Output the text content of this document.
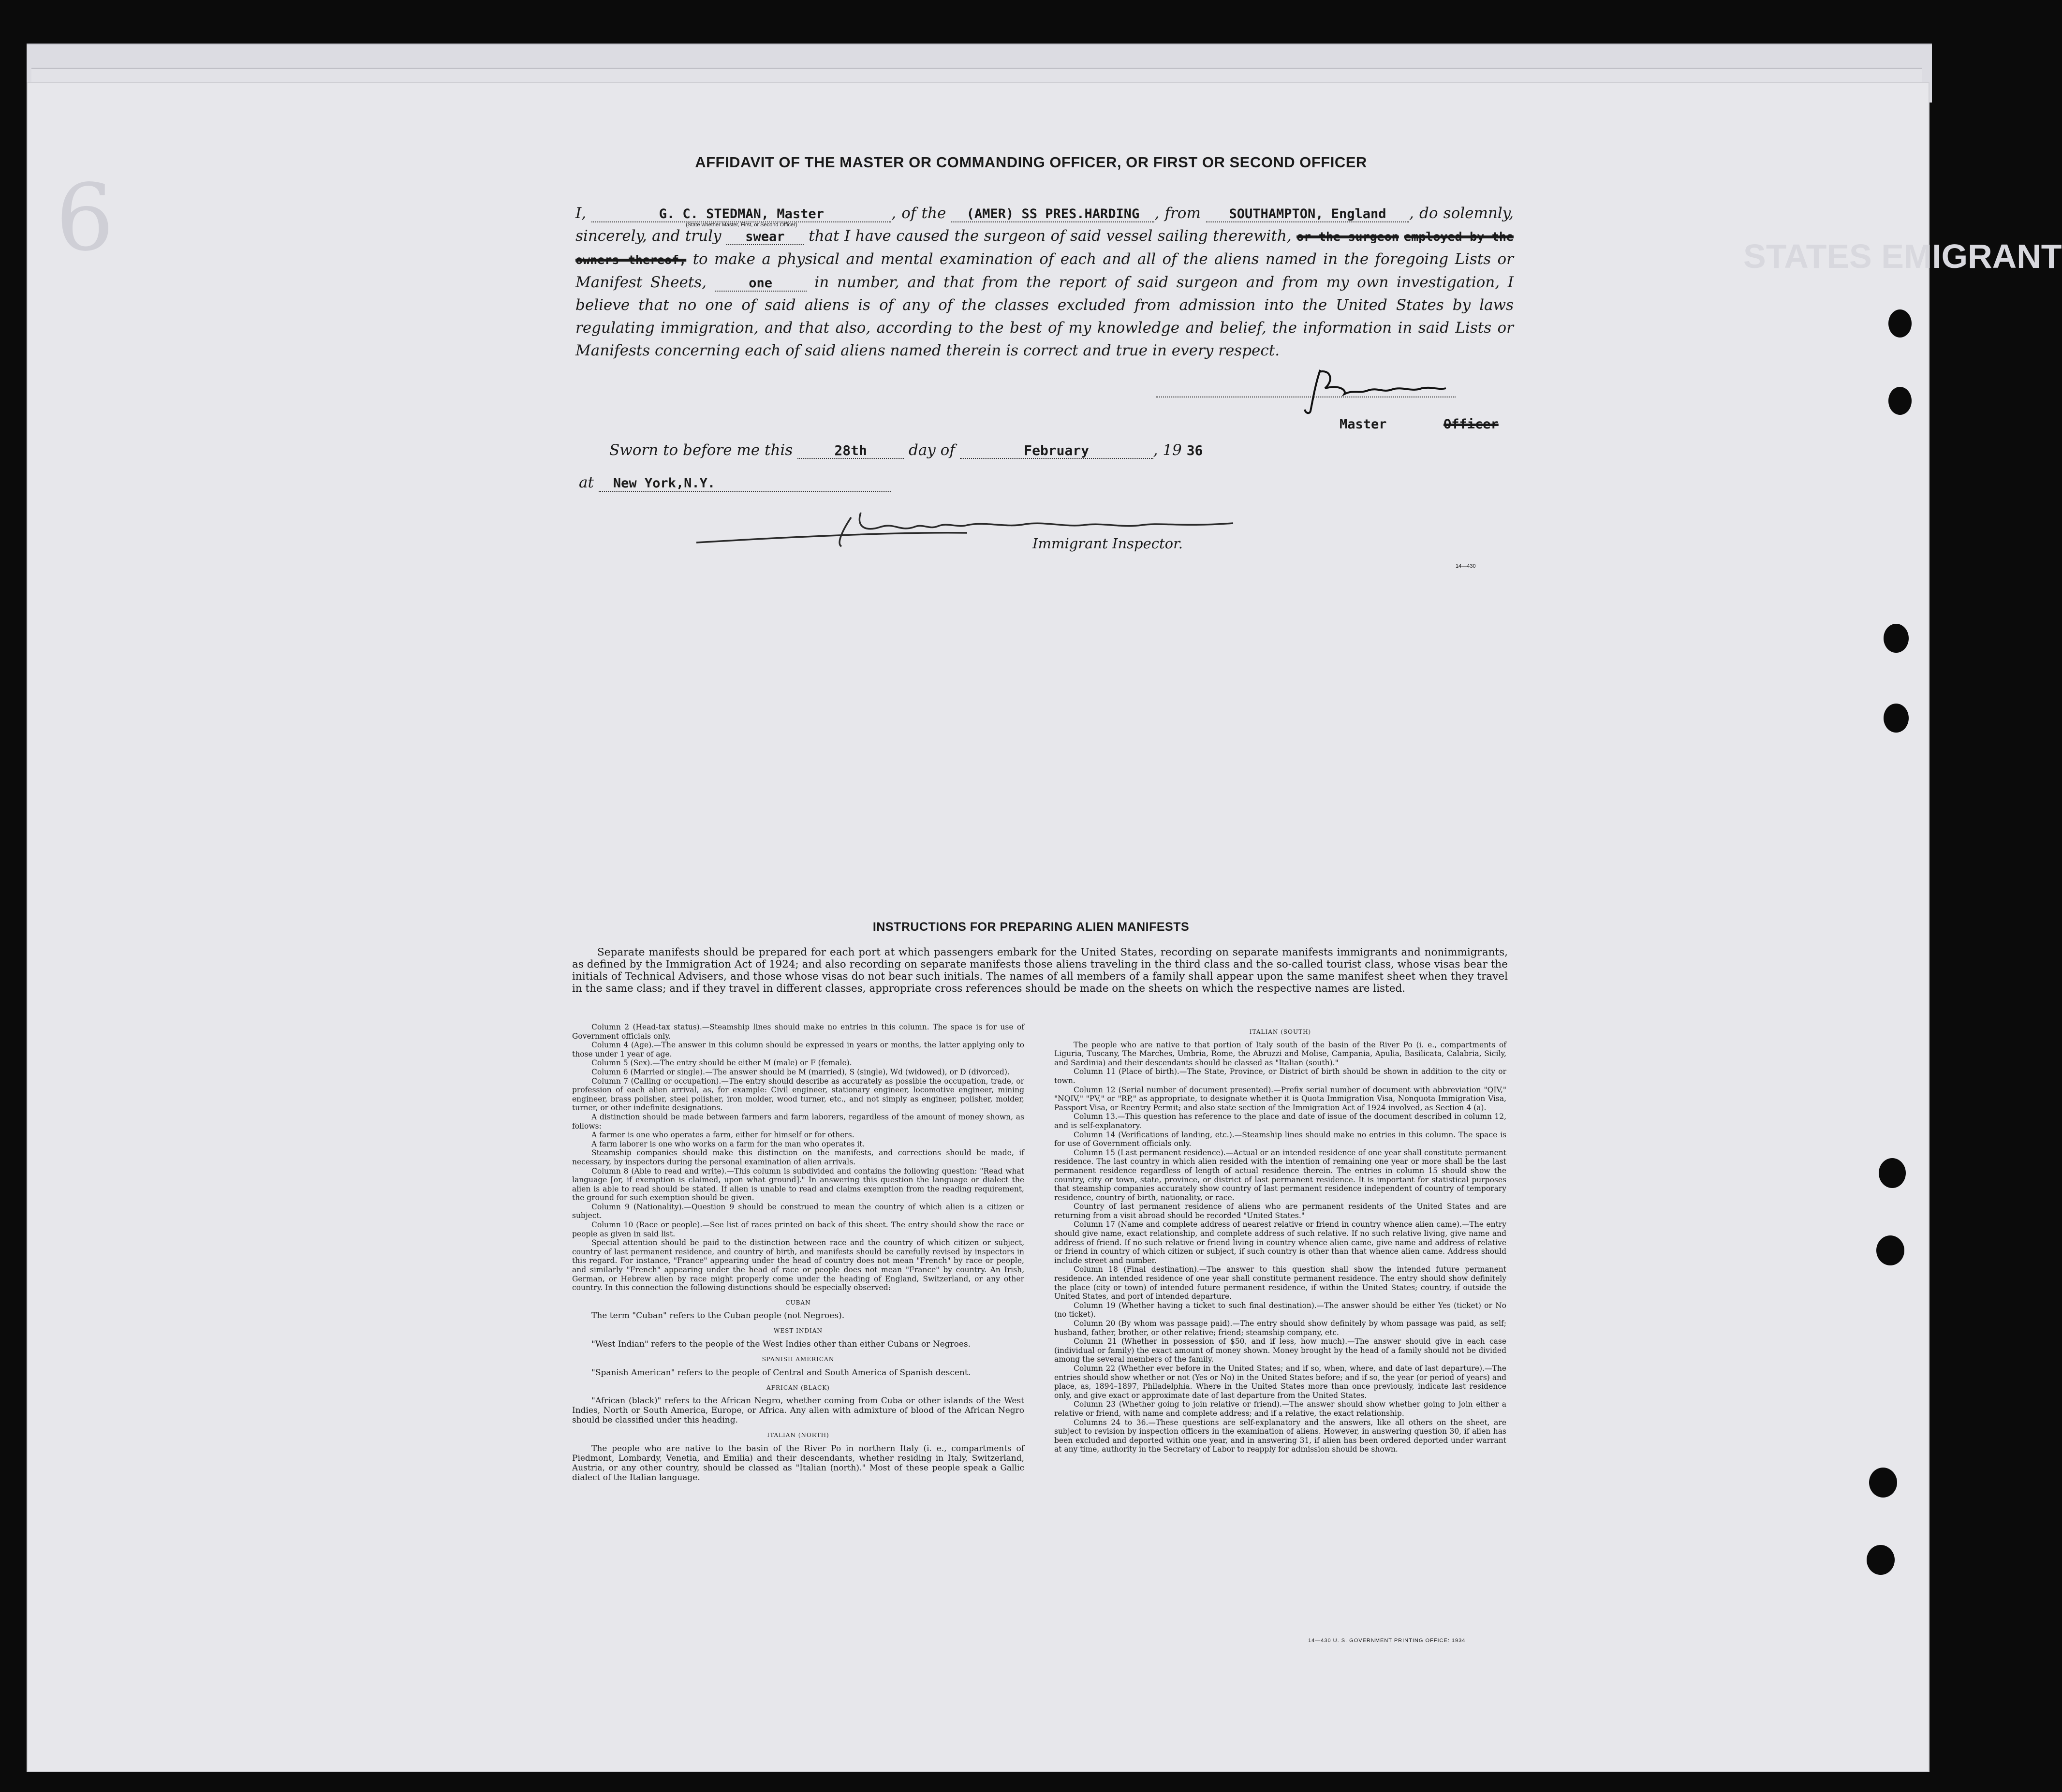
6	STATES EMIGRANT
AFFIDAVIT OF THE MASTER OR COMMANDING OFFICER, OR FIRST OR SECOND OFFICER
I,	G. C. STEDMAN, Master
(State whether Master, First, or Second Officer)
, of the (AMER) SS PRES.HARDING , from SOUTHAMPTON, England , do solemnly, sincerely, and truly swear that I have caused the surgeon of said vessel sailing therewith, or the surgeon employed by the owners thereof, to make a physical and mental examination of each and all of the aliens named in the foregoing Lists or Manifest Sheets,	one	in number, and that from the report of said surgeon and from my own investigation, I believe that no one of said aliens is of any of the classes excluded from admission into the United States by laws regulating immigration, and that also, according to the best of my knowledge and belief, the information in said Lists or Manifests concerning each of said aliens named therein is correct and true in every respect.
Master	Officer
Sworn to before me this	28th	day of	February	, 19 36
at New York,N.Y.
Immigrant Inspector.
14—430
INSTRUCTIONS FOR PREPARING ALIEN MANIFESTS
Separate manifests should be prepared for each port at which passengers embark for the United States, recording on separate manifests immigrants and nonimmigrants, as defined by the Immigration Act of 1924; and also recording on separate manifests those aliens traveling in the third class and the so-called tourist class, whose visas bear the initials of Technical Advisers, and those whose visas do not bear such initials. The names of all members of a family shall appear upon the same manifest sheet when they travel in the same class; and if they travel in different classes, appropriate cross references should be made on the sheets on which the respective names are listed.

Column 2 (Head-tax status).—Steamship lines should make no entries in this column. The space is for use of Government officials only.

Column 4 (Age).—The answer in this column should be expressed in years or months, the latter applying only to those under 1 year of age.

Column 5 (Sex).—The entry should be either M (male) or F (female).

Column 6 (Married or single).—The answer should be M (married), S (single), Wd (widowed), or D (divorced).

Column 7 (Calling or occupation).—The entry should describe as accurately as possible the occupation, trade, or profession of each alien arrival, as, for example: Civil engineer, stationary engineer, locomotive engineer, mining engineer, brass polisher, steel polisher, iron molder, wood turner, etc., and not simply as engineer, polisher, molder, turner, or other indefinite designations.

A distinction should be made between farmers and farm laborers, regardless of the amount of money shown, as follows:

A farmer is one who operates a farm, either for himself or for others.

A farm laborer is one who works on a farm for the man who operates it.

Steamship companies should make this distinction on the manifests, and corrections should be made, if necessary, by inspectors during the personal examination of alien arrivals.

Column 8 (Able to read and write).—This column is subdivided and contains the following question: "Read what language [or, if exemption is claimed, upon what ground]." In answering this question the language or dialect the alien is able to read should be stated. If alien is unable to read and claims exemption from the reading requirement, the ground for such exemption should be given.

Column 9 (Nationality).—Question 9 should be construed to mean the country of which alien is a citizen or subject.

Column 10 (Race or people).—See list of races printed on back of this sheet. The entry should show the race or people as given in said list.

Special attention should be paid to the distinction between race and the country of which citizen or subject, country of last permanent residence, and country of birth, and manifests should be carefully revised by inspectors in this regard. For instance, "France" appearing under the head of country does not mean "French" by race or people, and similarly "French" appearing under the head of race or people does not mean "France" by country. An Irish, German, or Hebrew alien by race might properly come under the heading of England, Switzerland, or any other country. In this connection the following distinctions should be especially observed:

CUBAN

The term "Cuban" refers to the Cuban people (not Negroes).

WEST INDIAN

"West Indian" refers to the people of the West Indies other than either Cubans or Negroes.

SPANISH AMERICAN

"Spanish American" refers to the people of Central and South America of Spanish descent.

AFRICAN (BLACK)

"African (black)" refers to the African Negro, whether coming from Cuba or other islands of the West Indies, North or South America, Europe, or Africa. Any alien with admixture of blood of the African Negro should be classified under this heading.

ITALIAN (NORTH)

The people who are native to the basin of the River Po in northern Italy (i. e., compartments of Piedmont, Lombardy, Venetia, and Emilia) and their descendants, whether residing in Italy, Switzerland, Austria, or any other country, should be classed as "Italian (north)." Most of these people speak a Gallic dialect of the Italian language.

ITALIAN (SOUTH)

The people who are native to that portion of Italy south of the basin of the River Po (i. e., compartments of Liguria, Tuscany, The Marches, Umbria, Rome, the Abruzzi and Molise, Campania, Apulia, Basilicata, Calabria, Sicily, and Sardinia) and their descendants should be classed as "Italian (south)."

Column 11 (Place of birth).—The State, Province, or District of birth should be shown in addition to the city or town.

Column 12 (Serial number of document presented).—Prefix serial number of document with abbreviation "QIV," "NQIV," "PV," or "RP," as appropriate, to designate whether it is Quota Immigration Visa, Nonquota Immigration Visa, Passport Visa, or Reentry Permit; and also state section of the Immigration Act of 1924 involved, as Section 4 (a).

Column 13.—This question has reference to the place and date of issue of the document described in column 12, and is self-explanatory.

Column 14 (Verifications of landing, etc.).—Steamship lines should make no entries in this column. The space is for use of Government officials only.

Column 15 (Last permanent residence).—Actual or an intended residence of one year shall constitute permanent residence. The last country in which alien resided with the intention of remaining one year or more shall be the last permanent residence regardless of length of actual residence therein. The entries in column 15 should show the country, city or town, state, province, or district of last permanent residence. It is important for statistical purposes that steamship companies accurately show country of last permanent residence independent of country of temporary residence, country of birth, nationality, or race.

Country of last permanent residence of aliens who are permanent residents of the United States and are returning from a visit abroad should be recorded "United States."

Column 17 (Name and complete address of nearest relative or friend in country whence alien came).—The entry should give name, exact relationship, and complete address of such relative. If no such relative living, give name and address of friend. If no such relative or friend living in country whence alien came, give name and address of relative or friend in country of which citizen or subject, if such country is other than that whence alien came. Address should include street and number.

Column 18 (Final destination).—The answer to this question shall show the intended future permanent residence. An intended residence of one year shall constitute permanent residence. The entry should show definitely the place (city or town) of intended future permanent residence, if within the United States; country, if outside the United States, and port of intended departure.

Column 19 (Whether having a ticket to such final destination).—The answer should be either Yes (ticket) or No (no ticket).

Column 20 (By whom was passage paid).—The entry should show definitely by whom passage was paid, as self; husband, father, brother, or other relative; friend; steamship company, etc.

Column 21 (Whether in possession of $50, and if less, how much).—The answer should give in each case (individual or family) the exact amount of money shown. Money brought by the head of a family should not be divided among the several members of the family.

Column 22 (Whether ever before in the United States; and if so, when, where, and date of last departure).—The entries should show whether or not (Yes or No) in the United States before; and if so, the year (or period of years) and place, as, 1894–1897, Philadelphia. Where in the United States more than once previously, indicate last residence only, and give exact or approximate date of last departure from the United States.

Column 23 (Whether going to join relative or friend).—The answer should show whether going to join either a relative or friend, with name and complete address; and if a relative, the exact relationship.

Columns 24 to 36.—These questions are self-explanatory and the answers, like all others on the sheet, are subject to revision by inspection officers in the examination of aliens. However, in answering question 30, if alien has been excluded and deported within one year, and in answering 31, if alien has been ordered deported under warrant at any time, authority in the Secretary of Labor to reapply for admission should be shown.

14—430 U. S. GOVERNMENT PRINTING OFFICE: 1934
